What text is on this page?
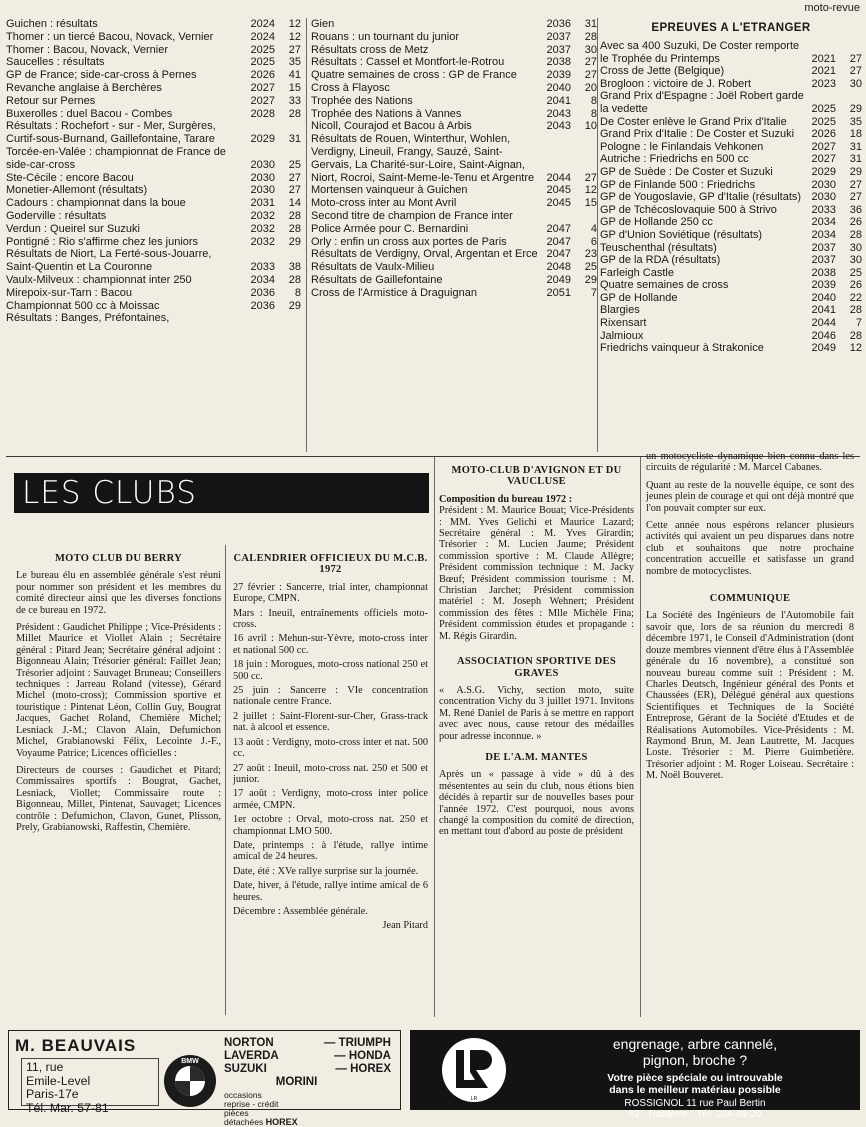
moto-revue
Guichen : résultats	2024	12
Thomer : un tiercé Bacou, Novack, Vernier	2024	12
Thomer : Bacou, Novack, Vernier	2025	27
Saucelles : résultats	2025	35
GP de France; side-car-cross à Pernes	2026	41
Revanche anglaise à Berchères	2027	15
Retour sur Pernes	2027	33
Buxerolles : duel Bacou - Combes	2028	28
Résultats : Rochefort - sur - Mer, Surgères, Curtif-sous-Burnand, Gaillefontaine, Tarare	2029	31
Torcée-en-Valée : championnat de France de side-car-cross	2030	25
Ste-Cécile : encore Bacou	2030	27
Monetier-Allemont (résultats)	2030	27
Cadours : championnat dans la boue	2031	14
Goderville : résultats	2032	28
Verdun : Queirel sur Suzuki	2032	28
Pontigné : Rio s'affirme chez les juniors	2032	29
Résultats de Niort, La Ferté-sous-Jouarre, Saint-Quentin et La Couronne	2033	38
Vaulx-Milveux : championnat inter 250	2034	28
Mirepoix-sur-Tarn : Bacou	2036	8
Championnat 500 cc à Moissac	2036	29
Résultats : Banges, Préfontaines,
Gien	2036	31
Rouans : un tournant du junior	2037	28
Résultats cross de Metz	2037	30
Résultats : Cassel et Montfort-le-Rotrou	2038	27
Quatre semaines de cross : GP de France	2039	27
Cross à Flayosc	2040	20
Trophée des Nations	2041	8
Trophée des Nations à Vannes	2043	8
Nicoll, Courajod et Bacou à Arbis	2043	10
Résultats de Rouen, Winterthur, Wohlen, Verdigny, Lineuil, Frangy, Sauzé, Saint-Gervais, La Charité-sur-Loire, Saint-Aignan, Niort, Rocroi, Saint-Meme-le-Tenu et Argentre	2044	27
Mortensen vainqueur à Guichen	2045	12
Moto-cross inter au Mont Avril	2045	15
Second titre de champion de France inter Police Armée pour C. Bernardini	2047	4
Orly : enfin un cross aux portes de Paris	2047	6
Résultats de Verdigny, Orval, Argentan et Erce 2047	23
Résultats de Vaulx-Milieu	2048	25
Résultats de Gaillefontaine	2049	29
Cross de l'Armistice à Draguignan	2051	7
EPREUVES A L'ETRANGER
Avec sa 400 Suzuki, De Coster remporte le Trophée du Printemps	2021	27
Cross de Jette (Belgique)	2021	27
Brogloon : victoire de J. Robert	2023	30
Grand Prix d'Espagne : Joël Robert garde la vedette	2025	29
De Coster enlève le Grand Prix d'Italie	2025	35
Grand Prix d'Italie : De Coster et Suzuki	2026	18
Pologne : le Finlandais Vehkonen	2027	31
Autriche : Friedrichs en 500 cc	2027	31
GP de Suède : De Coster et Suzuki	2029	29
GP de Finlande 500 : Friedrichs	2030	27
GP de Yougoslavie, GP d'Italie (résultats) 2030	27
GP de Tchécoslovaquie 500 à Strivo	2033	36
GP de Hollande 250 cc	2034	26
GP d'Union Soviétique (résultats)	2034	28
Teuschenthal (résultats)	2037	30
GP de la RDA (résultats)	2037	30
Farleigh Castle	2038	25
Quatre semaines de cross	2039	26
GP de Hollande	2040	22
Blargies	2041	28
Rixensart	2044	7
Jalmioux	2046	28
Friedrichs vainqueur à Strakonice	2049	12
LES CLUBS
MOTO CLUB DU BERRY

Le bureau élu en assemblée générale s'est réuni pour nommer son président et les membres du comité directeur ainsi que les diverses fonctions de ce bureau en 1972.

Président : Gaudichet Philippe ; Vice-Présidents : Millet Maurice et Viollet Alain ; Secrétaire général : Pitard Jean; Secrétaire général adjoint : Bigonneau Alain; Trésorier général: Faillet Jean; Trésorier adjoint : Sauvaget Bruneau; Conseillers techniques : Jarreau Roland (vitesse), Gérard Michel (moto-cross); Commission sportive et touristique : Pintenat Léon, Collin Guy, Bougrat Jacques, Gachet Roland, Chemière Michel; Lesniack J.-M.; Clavon Alain, Defumichon Michel, Grabianowski Félix, Lecointe J.-F., Voyaume Patrice; Licences officielles :

Directeurs de courses : Gaudichet et Pitard; Commissaires sportifs : Bougrat, Gachet, Lesniack, Viollet; Commissaire route : Bigonneau, Millet, Pintenat, Sauvaget; Licences contrôle : Defumichon, Clavon, Gunet, Plisson, Prely, Grabianowski, Raffestin, Chemière.

CALENDRIER OFFICIEUX DU M.C.B. 1972

27 février : Sancerre, trial inter, championnat Europe, CMPN.

Mars : Ineuil, entraînements officiels moto-cross.

16 avril : Mehun-sur-Yèvre, moto-cross inter et national 500 cc.

18 juin : Morogues, moto-cross national 250 et 500 cc.

25 juin : Sancerre : VIe concentration nationale centre France.

2 juillet : Saint-Florent-sur-Cher, Grass-track nat. à alcool et essence.

13 août : Verdigny, moto-cross inter et nat. 500 cc.

27 août : Ineuil, moto-cross nat. 250 et 500 et junior.

17 août : Verdigny, moto-cross inter police armée, CMPN.

1er octobre : Orval, moto-cross nat. 250 et championnat LMO 500.

Date, printemps : à l'étude, rallye intime amical de 24 heures.

Date, été : XVe rallye surprise sur la journée.

Date, hiver, à l'étude, rallye intime amical de 6 heures.

Décembre : Assemblée générale.

Jean Pitard

MOTO-CLUB D'AVIGNON ET DU VAUCLUSE

Composition du bureau 1972 :

Président : M. Maurice Bouat; Vice-Présidents : MM. Yves Gelichi et Maurice Lazard; Secrétaire général : M. Yves Girardin; Trésorier : M. Lucien Jaume; Président commission sportive : M. Claude Allègre; Président commission technique : M. Jacky Bœuf; Président commission tourisme : M. Christian Jarchet; Président commission matériel : M. Joseph Wehnert; Président commission des fêtes : Mlle Michèle Fina; Président commission études et propagande : M. Régis Girardin.

ASSOCIATION SPORTIVE DES GRAVES

« A.S.G. Vichy, section moto, suite concentration Vichy du 3 juillet 1971. Invitons M. René Daniel de Paris à se mettre en rapport avec avec nous, cause retour des médailles pour adresse inconnue. »

DE L'A.M. MANTES

Après un « passage à vide » dû à des mésententes au sein du club, nous étions bien décidés à repartir sur de nouvelles bases pour l'année 1972. C'est pourquoi, nous avons changé la composition du comité de direction, en mettant tout d'abord au poste de président

un motocycliste dynamique bien connu dans les circuits de régularité : M. Marcel Cabanes.

Quant au reste de la nouvelle équipe, ce sont des jeunes plein de courage et qui ont déjà montré que l'on pouvait compter sur eux.

Cette année nous espérons relancer plusieurs activités qui avaient un peu disparues dans notre club et souhaitons que notre prochaine concentration accueille et satisfasse un grand nombre de motocyclistes.

COMMUNIQUE

La Société des Ingénieurs de l'Automobile fait savoir que, lors de sa réunion du mercredi 8 décembre 1971, le Conseil d'Administration (dont douze membres viennent d'être élus à l'Assemblée générale du 16 novembre), a constitué son nouveau bureau comme suit : Président : M. Charles Deutsch, Ingénieur général des Ponts et Chaussées (ER), Délégué général aux questions Scientifiques et Techniques de la Société Entreprose, Gérant de la Société d'Etudes et de Réalisations Automobiles. Vice-Présidents : M. Raymond Brun, M. Jean Lautrette, M. Jacques Loste. Trésorier : M. Pierre Guimbetière. Trésorier adjoint : M. Roger Loiseau. Secrétaire : M. Noël Bouveret.

M. BEAUVAIS
11, rue
Emile-Level
Paris-17e
Tél. Mar. 57-81
BMW
NORTON	— TRIUMPH
LAVERDA	— HONDA
SUZUKI	— HOREX
MORINI
occasions
reprise - crédit
pièces
détachées HOREX
LR
engrenage, arbre cannelé,
pignon, broche ?
Votre pièce spéciale ou introuvable
dans le meilleur matériau possible
ROSSIGNOL 11 rue Paul Bertin
92 - Nanterre - Tél. 204-49-20
